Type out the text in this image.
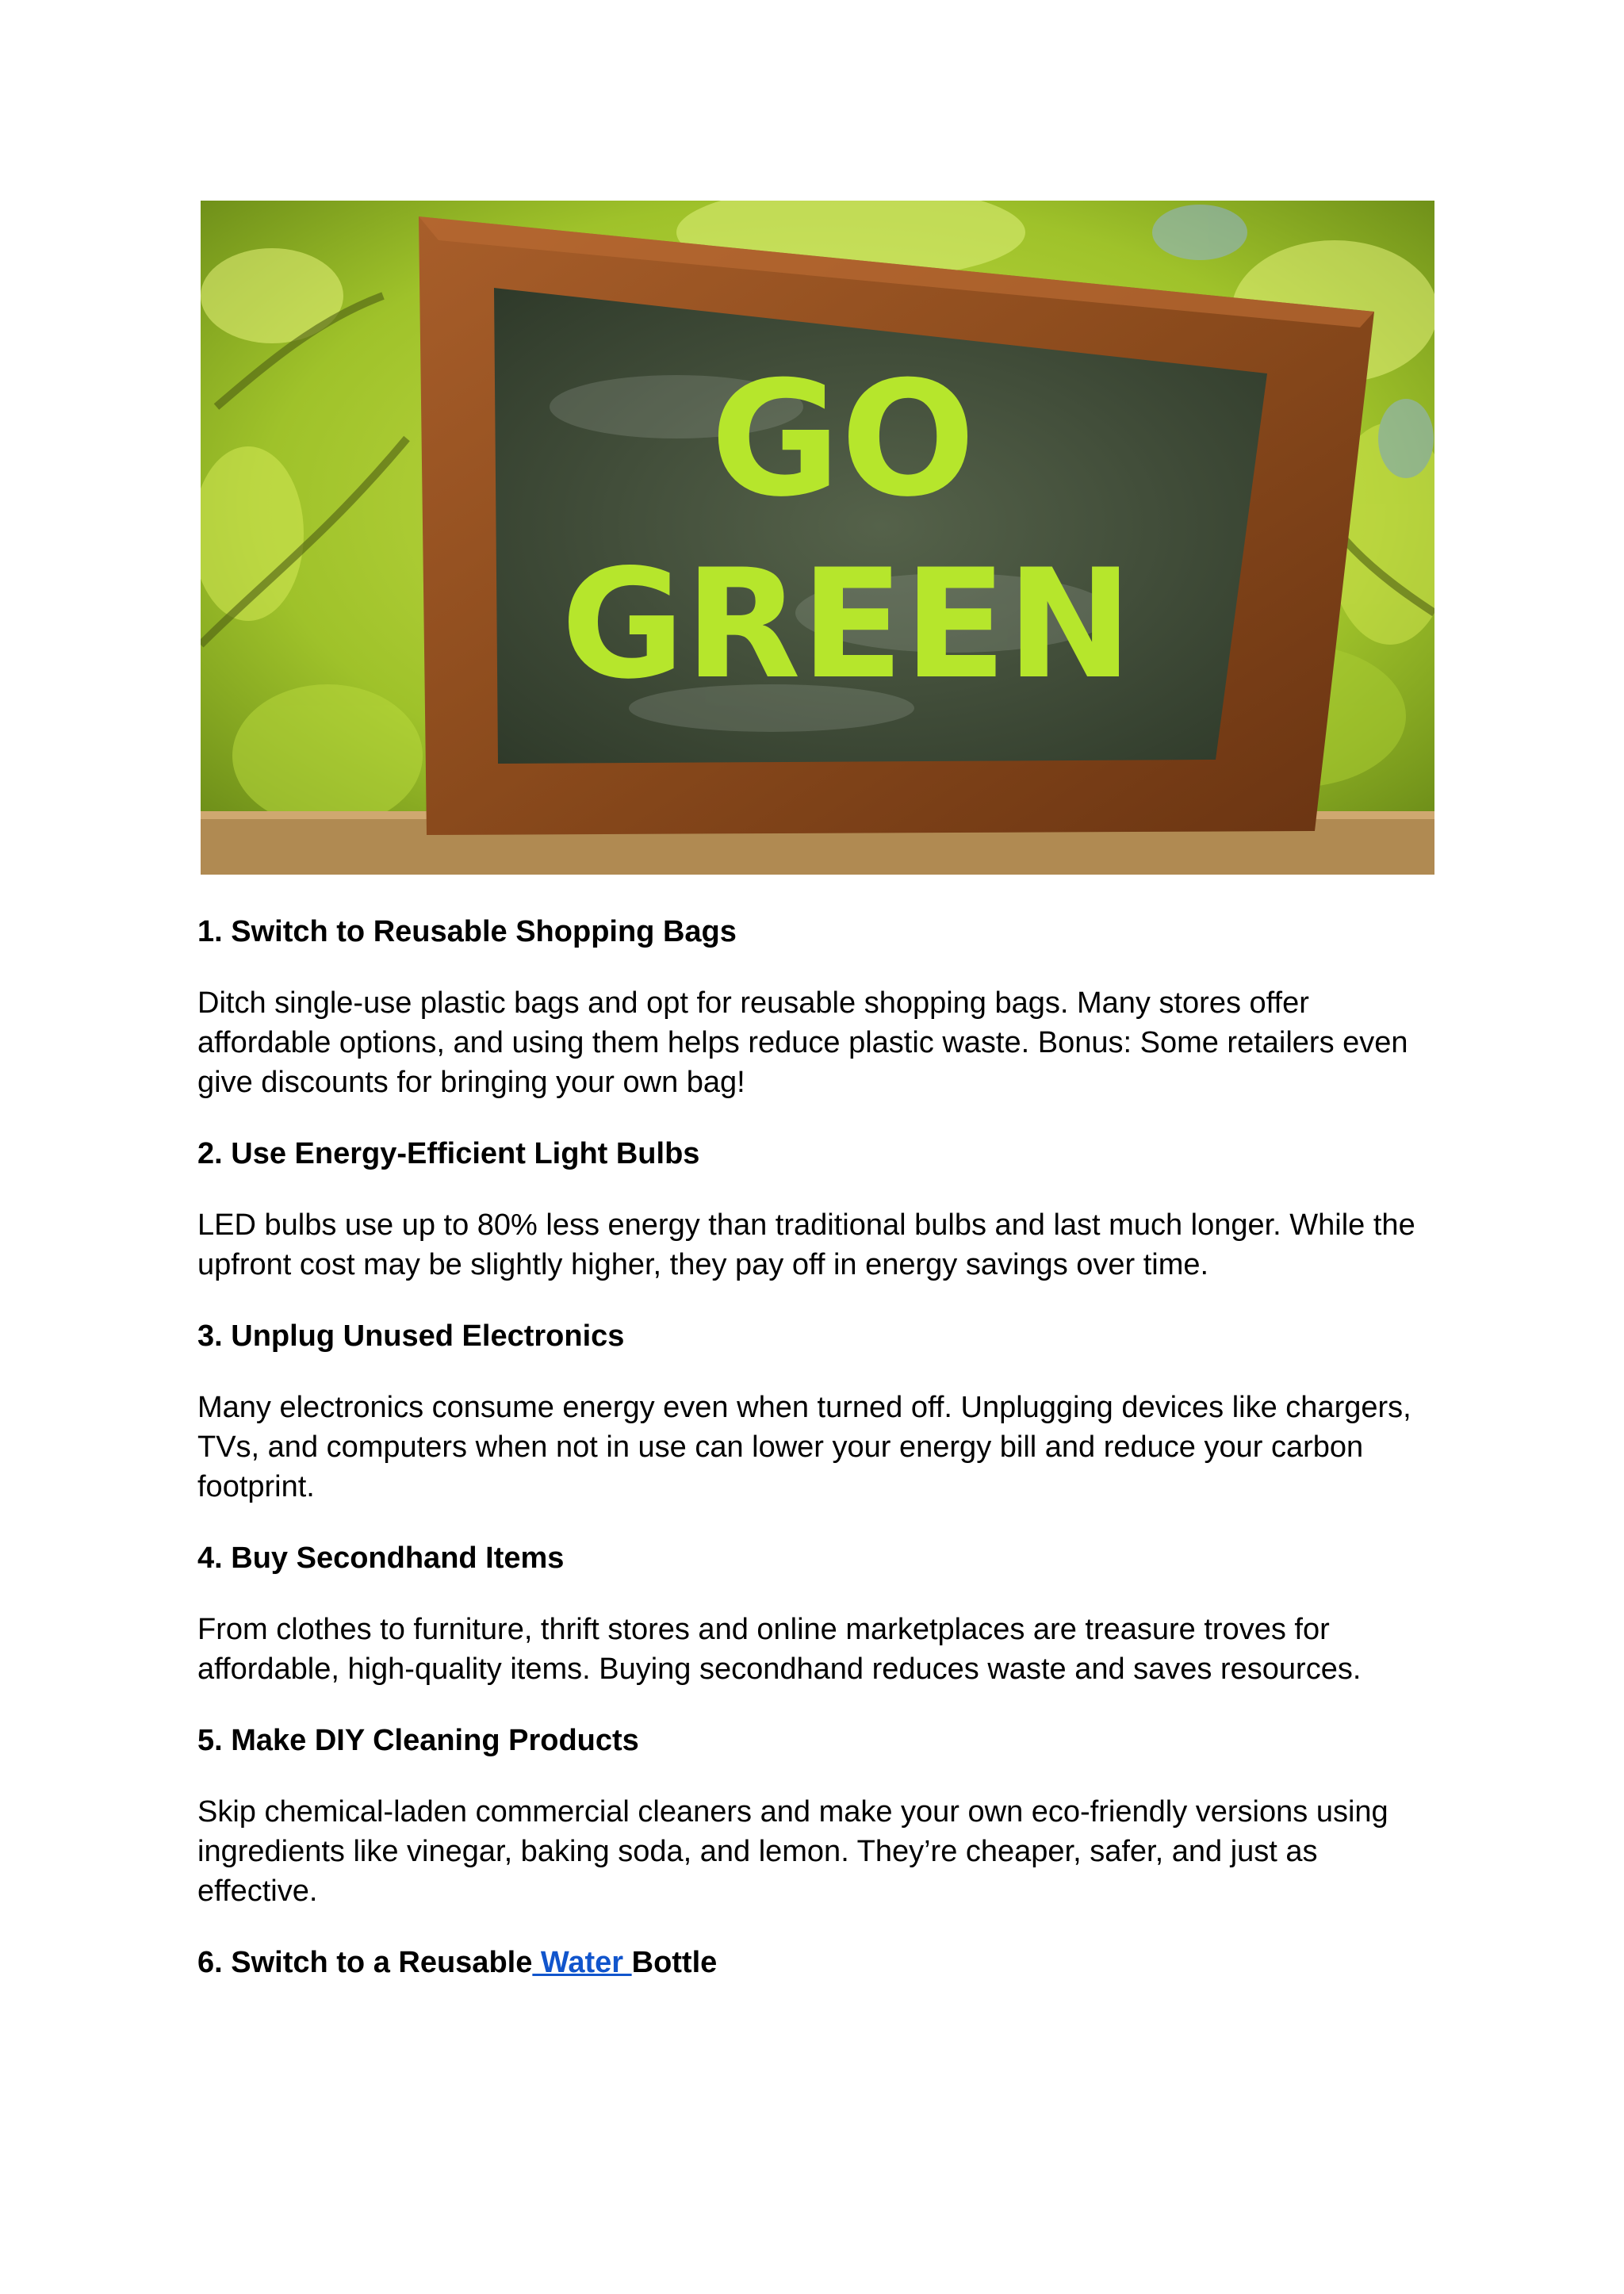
GO
GREEN

1. Switch to Reusable Shopping Bags

Ditch single-use plastic bags and opt for reusable shopping bags. Many stores offer affordable options, and using them helps reduce plastic waste. Bonus: Some retailers even give discounts for bringing your own bag!

2. Use Energy-Efficient Light Bulbs

LED bulbs use up to 80% less energy than traditional bulbs and last much longer. While the upfront cost may be slightly higher, they pay off in energy savings over time.

3. Unplug Unused Electronics

Many electronics consume energy even when turned off. Unplugging devices like chargers, TVs, and computers when not in use can lower your energy bill and reduce your carbon footprint.

4. Buy Secondhand Items

From clothes to furniture, thrift stores and online marketplaces are treasure troves for affordable, high-quality items. Buying secondhand reduces waste and saves resources.

5. Make DIY Cleaning Products

Skip chemical-laden commercial cleaners and make your own eco-friendly versions using ingredients like vinegar, baking soda, and lemon. They’re cheaper, safer, and just as effective.

6. Switch to a Reusable Water Bottle
